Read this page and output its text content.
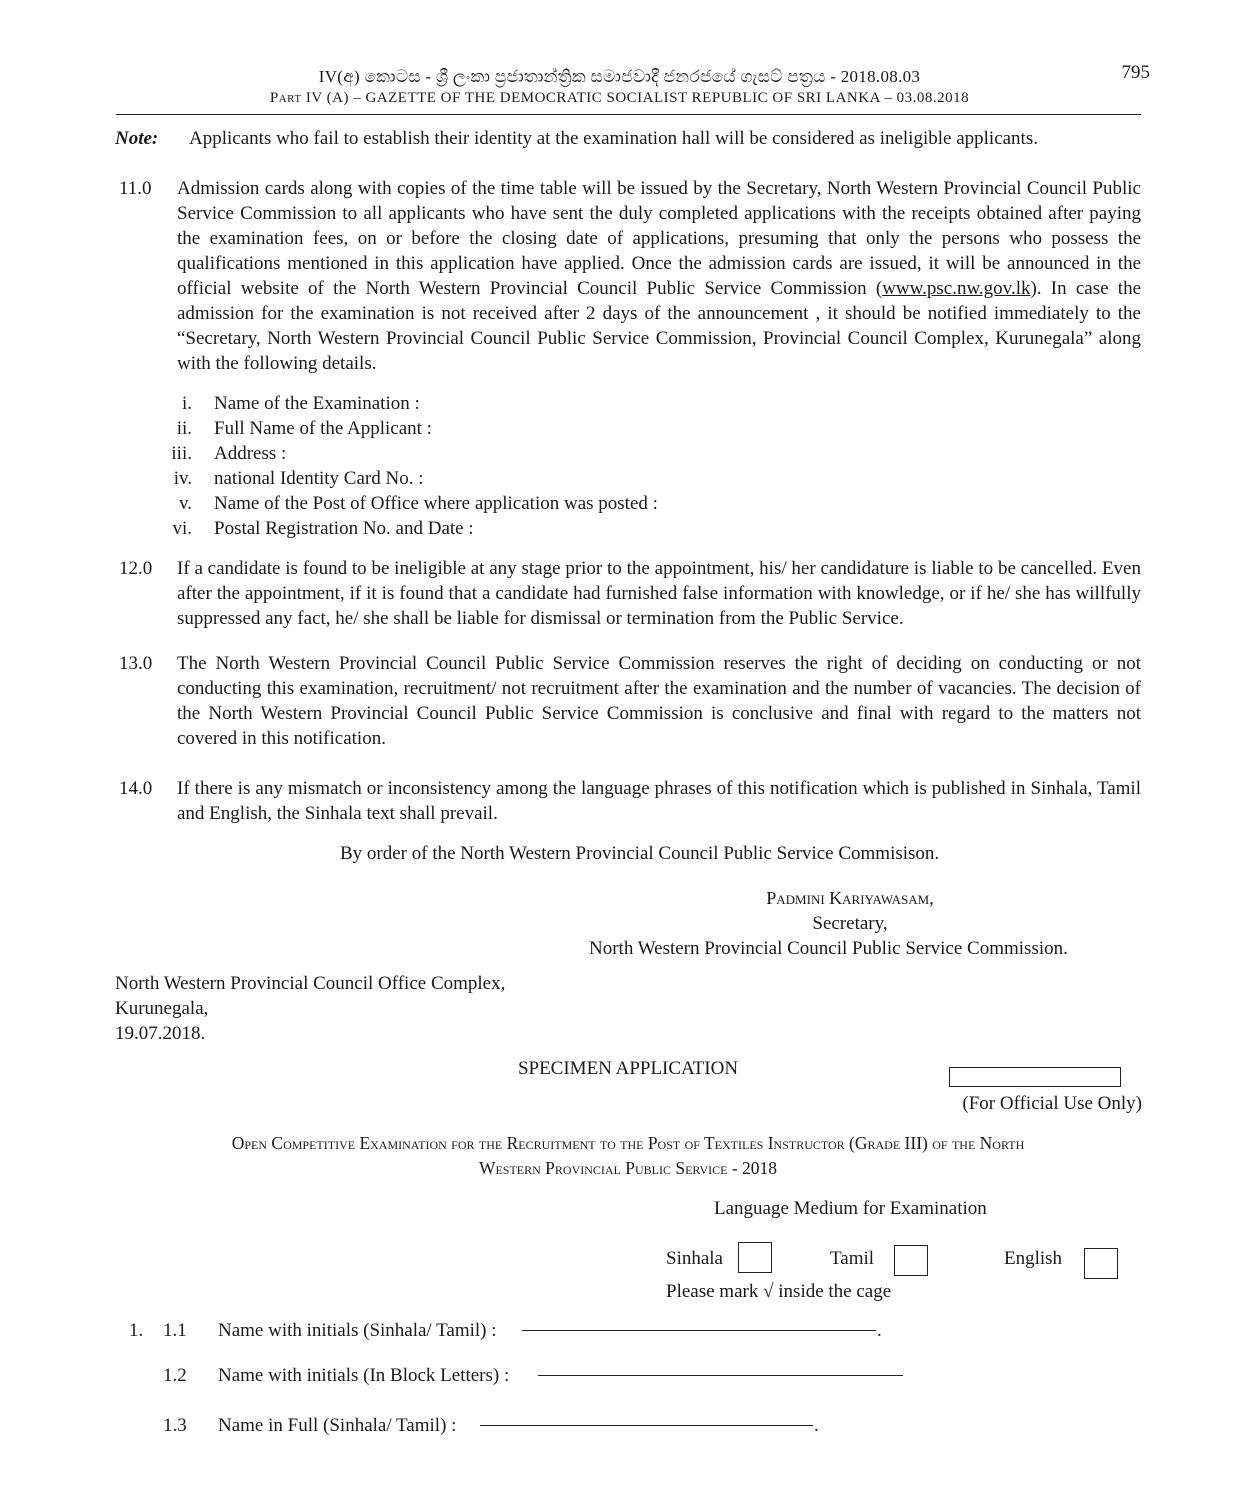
IV(අ) කොටස - ශ්‍රී ලංකා ප්‍රජාතාන්ත්‍රික සමාජවාදී ජනරජයේ ගැසට් පත්‍රය - 2018.08.03
Part IV (A) – GAZETTE OF THE DEMOCRATIC SOCIALIST REPUBLIC OF SRI LANKA – 03.08.2018
795
Note: Applicants who fail to establish their identity at the examination hall will be considered as ineligible applicants.
11.0 Admission cards along with copies of the time table will be issued by the Secretary, North Western Provincial Council Public Service Commission to all applicants who have sent the duly completed applications with the receipts obtained after paying the examination fees, on or before the closing date of applications, presuming that only the persons who possess the qualifications mentioned in this application have applied. Once the admission cards are issued, it will be announced in the official website of the North Western Provincial Council Public Service Commission (www.psc.nw.gov.lk). In case the admission for the examination is not received after 2 days of the announcement , it should be notified immediately to the “Secretary, North Western Provincial Council Public Service Commission, Provincial Council Complex, Kurunegala” along with the following details.
i. Name of the Examination :
ii. Full Name of the Applicant :
iii. Address :
iv. national Identity Card No. :
v. Name of the Post of Office where application was posted :
vi. Postal Registration No. and Date :
12.0 If a candidate is found to be ineligible at any stage prior to the appointment, his/ her candidature is liable to be cancelled. Even after the appointment, if it is found that a candidate had furnished false information with knowledge, or if he/ she has willfully suppressed any fact, he/ she shall be liable for dismissal or termination from the Public Service.
13.0 The North Western Provincial Council Public Service Commission reserves the right of deciding on conducting or not conducting this examination, recruitment/ not recruitment after the examination and the number of vacancies. The decision of the North Western Provincial Council Public Service Commission is conclusive and final with regard to the matters not covered in this notification.
14.0 If there is any mismatch or inconsistency among the language phrases of this notification which is published in Sinhala, Tamil and English, the Sinhala text shall prevail.
By order of the North Western Provincial Council Public Service Commisison.
Padmini Kariyawasam,
Secretary,
North Western Provincial Council Public Service Commission.
North Western Provincial Council Office Complex,
Kurunegala,
19.07.2018.
SPECIMEN APPLICATION
(For Official Use Only)
Open Competitive Examination for the Recruitment to the Post of Textiles Instructor (Grade III) of the North
Western Provincial Public Service - 2018
Language Medium for Examination
Sinhala	Tamil	English
Please mark √ inside the cage
1. 1.1 Name with initials (Sinhala/ Tamil) :	.
1.2 Name with initials (In Block Letters) :
1.3 Name in Full (Sinhala/ Tamil) :	.
